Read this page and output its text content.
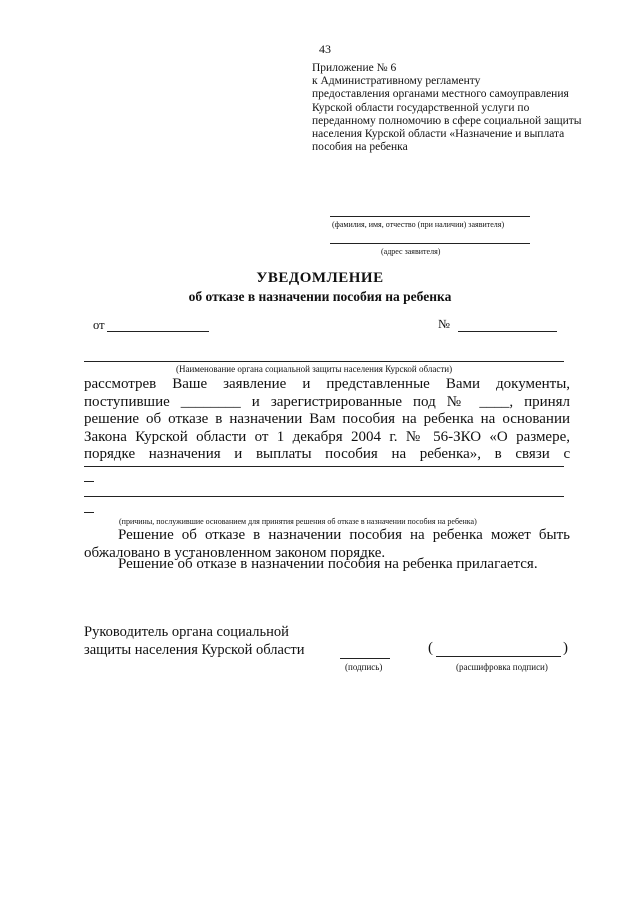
43
Приложение № 6
к Административному регламенту
предоставления органами местного самоуправления
Курской области государственной услуги по
переданному полномочию в сфере социальной защиты
населения Курской области «Назначение и выплата
пособия на ребенка
(фамилия, имя, отчество (при наличии) заявителя)
(адрес заявителя)
УВЕДОМЛЕНИЕ
об отказе в назначении пособия на ребенка
от	№
(Наименование органа социальной защиты населения Курской области)
рассмотрев Ваше заявление и представленные Вами документы,
поступившие ________ и зарегистрированные под № ____, принял
решение об отказе в назначении Вам пособия на ребенка на основании
Закона Курской области от 1 декабря 2004 г. № 56-ЗКО «О размере,
порядке назначения и выплаты пособия на ребенка», в связи с
(причины, послужившие основанием для принятия решения об отказе в назначении пособия на ребенка)
Решение об отказе в назначении пособия на ребенка может быть
обжаловано в установленном законом порядке.
Решение об отказе в назначении пособия на ребенка прилагается.
Руководитель органа социальной
защиты населения Курской области
(подпись)
(	)
(расшифровка подписи)
